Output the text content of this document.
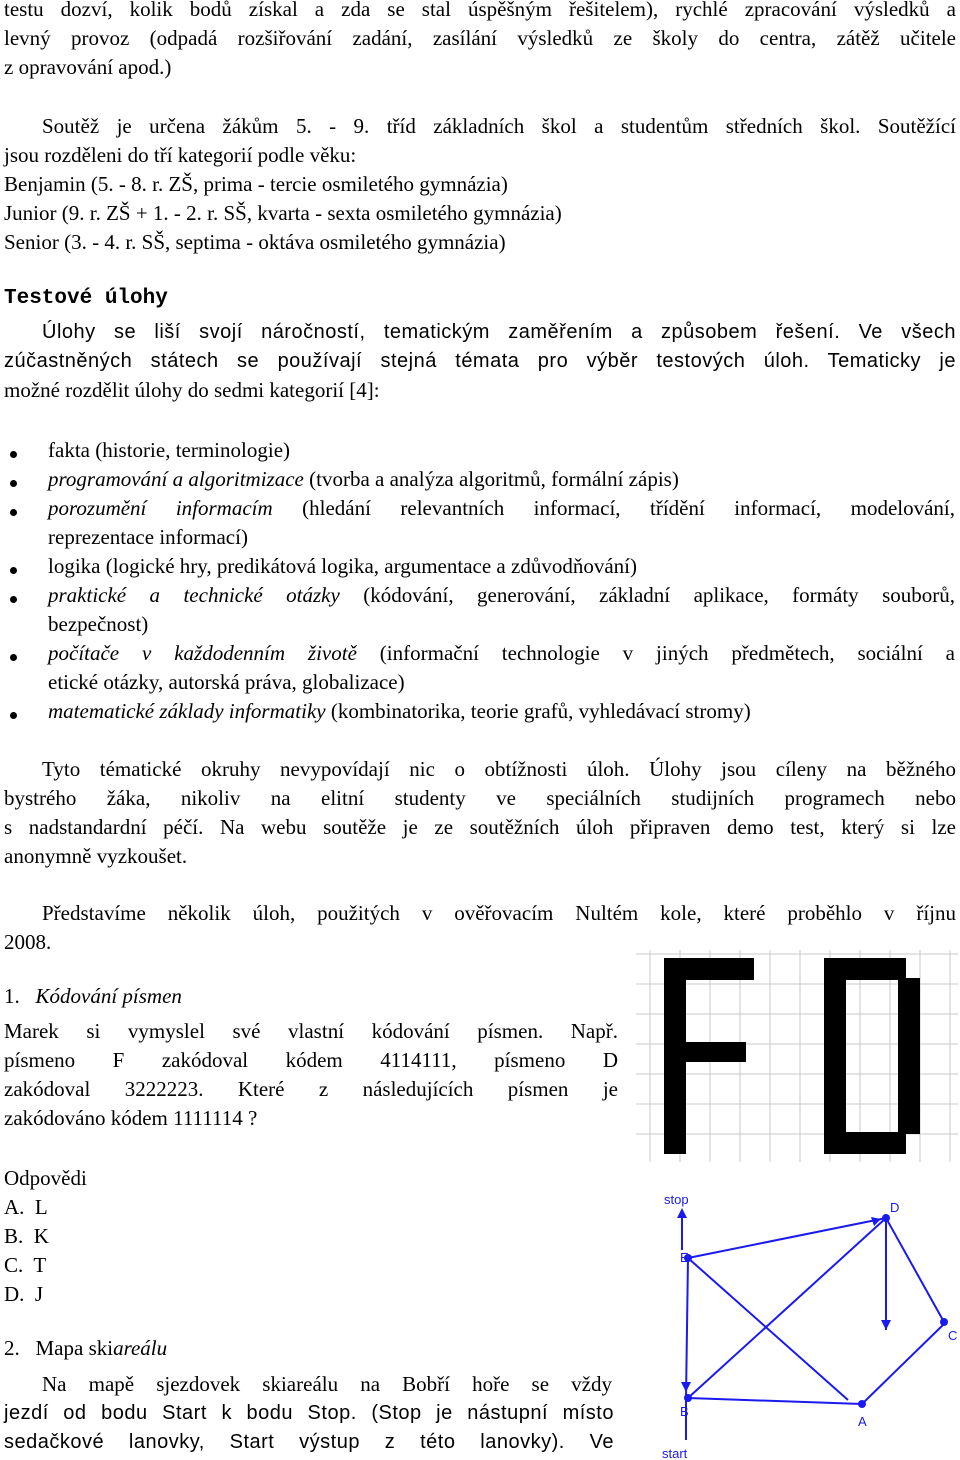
testu dozví, kolik bodů získal a zda se stal úspěšným řešitelem), rychlé zpracování výsledků a
levný provoz (odpadá rozšiřování zadání, zasílání výsledků ze školy do centra, zátěž učitele
z opravování apod.)
Soutěž je určena žákům 5. - 9. tříd základních škol a studentům středních škol. Soutěžící
jsou rozděleni do tří kategorií podle věku:
Benjamin (5. - 8. r. ZŠ, prima - tercie osmiletého gymnázia)
Junior (9. r. ZŠ + 1. - 2. r. SŠ, kvarta - sexta osmiletého gymnázia)
Senior (3. - 4. r. SŠ, septima - oktáva osmiletého gymnázia)
Testové úlohy
Úlohy se liší svojí náročností, tematickým zaměřením a způsobem řešení. Ve všech
zúčastněných státech se používají stejná témata pro výběr testových úloh. Tematicky je
možné rozdělit úlohy do sedmi kategorií [4]:
fakta (historie, terminologie)
programování a algoritmizace (tvorba a analýza algoritmů, formální zápis)
porozumění informacím (hledání relevantních informací, třídění informací, modelování,
reprezentace informací)
logika (logické hry, predikátová logika, argumentace a zdůvodňování)
praktické a technické otázky (kódování, generování, základní aplikace, formáty souborů,
bezpečnost)
počítače v každodenním životě (informační technologie v jiných předmětech, sociální a
etické otázky, autorská práva, globalizace)
matematické základy informatiky (kombinatorika, teorie grafů, vyhledávací stromy)
Tyto tématické okruhy nevypovídají nic o obtížnosti úloh. Úlohy jsou cíleny na běžného
bystrého žáka, nikoliv na elitní studenty ve speciálních studijních programech nebo
s nadstandardní péčí. Na webu soutěže je ze soutěžních úloh připraven demo test, který si lze
anonymně vyzkoušet.
Představíme několik úloh, použitých v ověřovacím Nultém kole, které proběhlo v říjnu
2008.
1. Kódování písmen
Marek si vymyslel své vlastní kódování písmen. Např.
písmeno F zakódoval kódem 4114111, písmeno D
zakódoval 3222223. Které z následujících písmen je
zakódováno kódem 1111114 ?
Odpovědi
A.  L
B.  K
C.  T
D.  J
2. Mapa skiareálu
Na mapě sjezdovek skiareálu na Bobří hoře se vždy
jezdí od bodu Start k bodu Stop. (Stop je nástupní místo
sedačkové lanovky, Start výstup z této lanovky). Ve
stop
E
D
C
A
B
start
